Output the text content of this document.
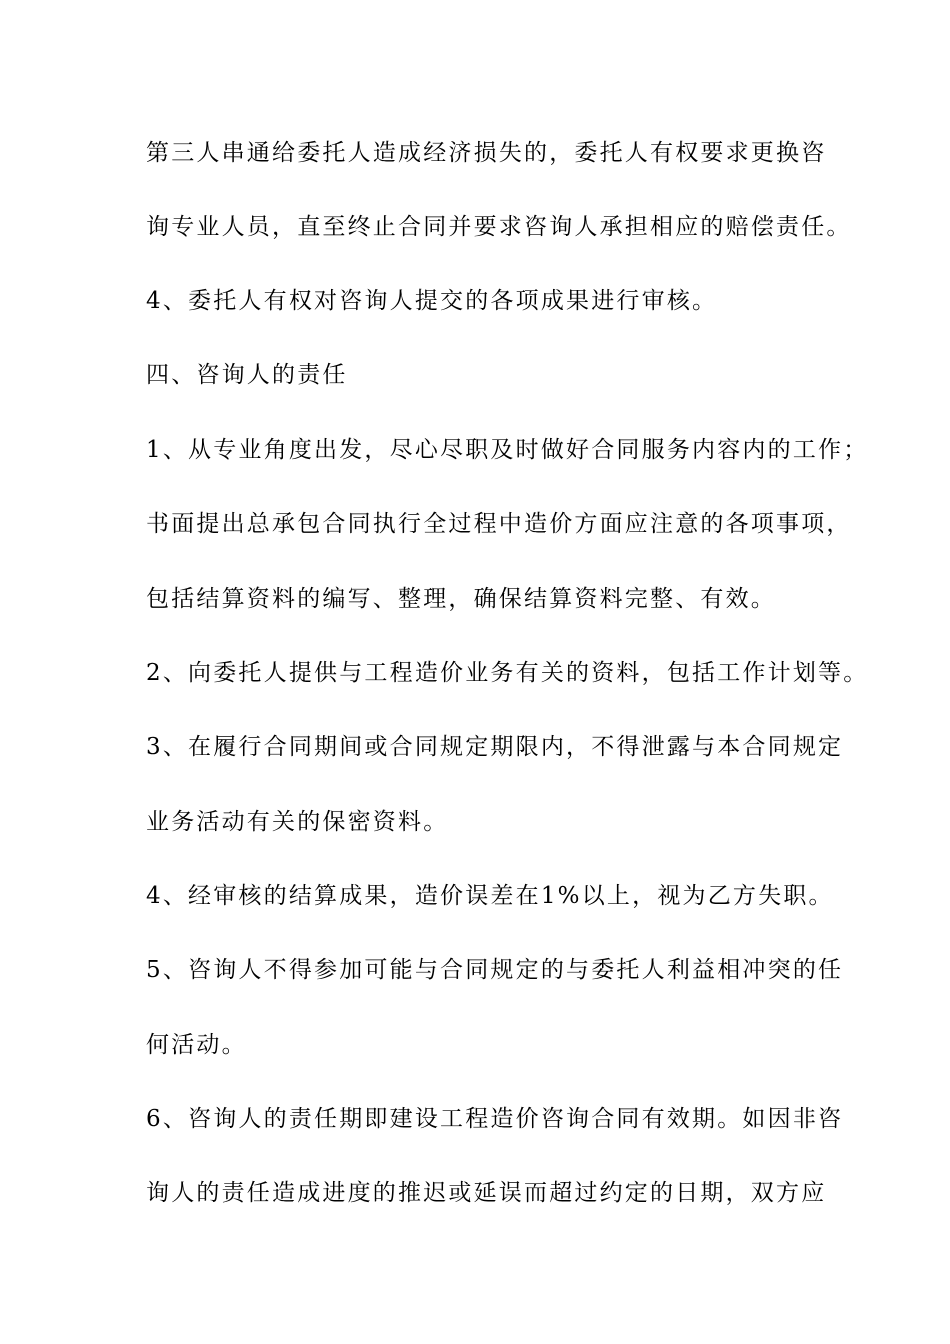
第三人串通给委托人造成经济损失的，委托人有权要求更换咨
询专业人员，直至终止合同并要求咨询人承担相应的赔偿责任。
4、委托人有权对咨询人提交的各项成果进行审核。
四、咨询人的责任
1、从专业角度出发，尽心尽职及时做好合同服务内容内的工作；
书面提出总承包合同执行全过程中造价方面应注意的各项事项，
包括结算资料的编写、整理，确保结算资料完整、有效。
2、向委托人提供与工程造价业务有关的资料，包括工作计划等。
3、在履行合同期间或合同规定期限内，不得泄露与本合同规定
业务活动有关的保密资料。
4、经审核的结算成果，造价误差在1%以上，视为乙方失职。
5、咨询人不得参加可能与合同规定的与委托人利益相冲突的任
何活动。
6、咨询人的责任期即建设工程造价咨询合同有效期。如因非咨
询人的责任造成进度的推迟或延误而超过约定的日期，双方应
